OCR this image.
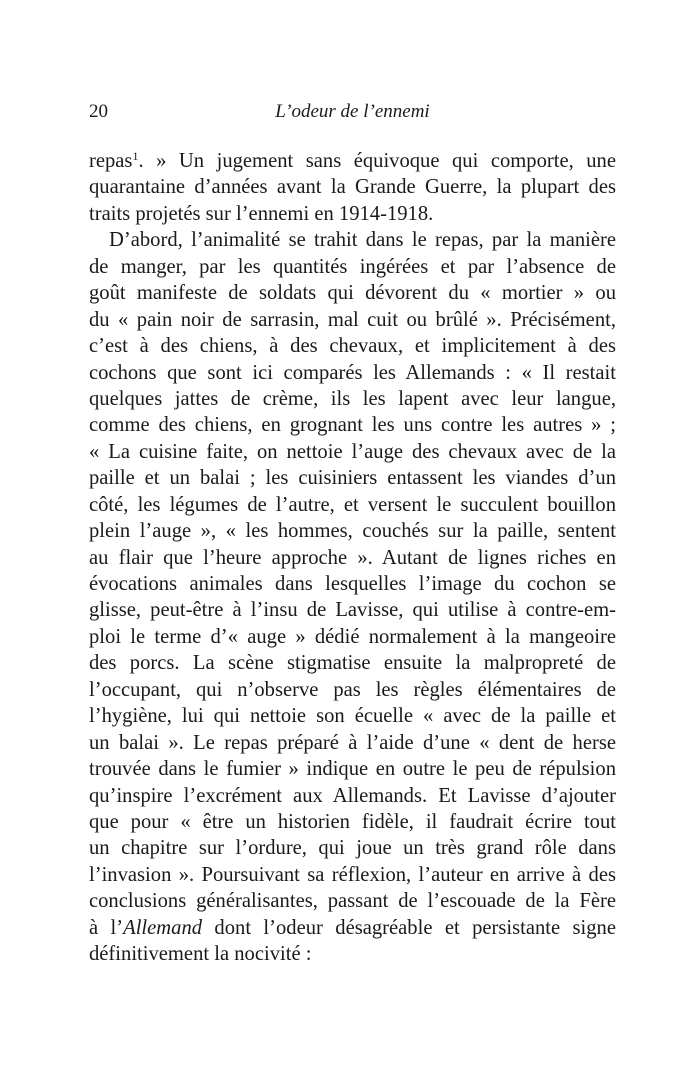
20	L’odeur de l’ennemi
repas$^1$. » Un jugement sans équivoque qui comporte, une
quarantaine d’années avant la Grande Guerre, la plupart des
traits projetés sur l’ennemi en 1914-1918.
D’abord, l’animalité se trahit dans le repas, par la manière
de manger, par les quantités ingérées et par l’absence de
goût manifeste de soldats qui dévorent du « mortier » ou
du « pain noir de sarrasin, mal cuit ou brûlé ». Précisément,
c’est à des chiens, à des chevaux, et implicitement à des
cochons que sont ici comparés les Allemands : « Il restait
quelques jattes de crème, ils les lapent avec leur langue,
comme des chiens, en grognant les uns contre les autres » ;
« La cuisine faite, on nettoie l’auge des chevaux avec de la
paille et un balai ; les cuisiniers entassent les viandes d’un
côté, les légumes de l’autre, et versent le succulent bouillon
plein l’auge », « les hommes, couchés sur la paille, sentent
au flair que l’heure approche ». Autant de lignes riches en
évocations animales dans lesquelles l’image du cochon se
glisse, peut-être à l’insu de Lavisse, qui utilise à contre-em-
ploi le terme d’« auge » dédié normalement à la mangeoire
des porcs. La scène stigmatise ensuite la malpropreté de
l’occupant, qui n’observe pas les règles élémentaires de
l’hygiène, lui qui nettoie son écuelle « avec de la paille et
un balai ». Le repas préparé à l’aide d’une « dent de herse
trouvée dans le fumier » indique en outre le peu de répulsion
qu’inspire l’excrément aux Allemands. Et Lavisse d’ajouter
que pour « être un historien fidèle, il faudrait écrire tout
un chapitre sur l’ordure, qui joue un très grand rôle dans
l’invasion ». Poursuivant sa réflexion, l’auteur en arrive à des
conclusions généralisantes, passant de l’escouade de la Fère
à l’Allemand dont l’odeur désagréable et persistante signe
définitivement la nocivité :
